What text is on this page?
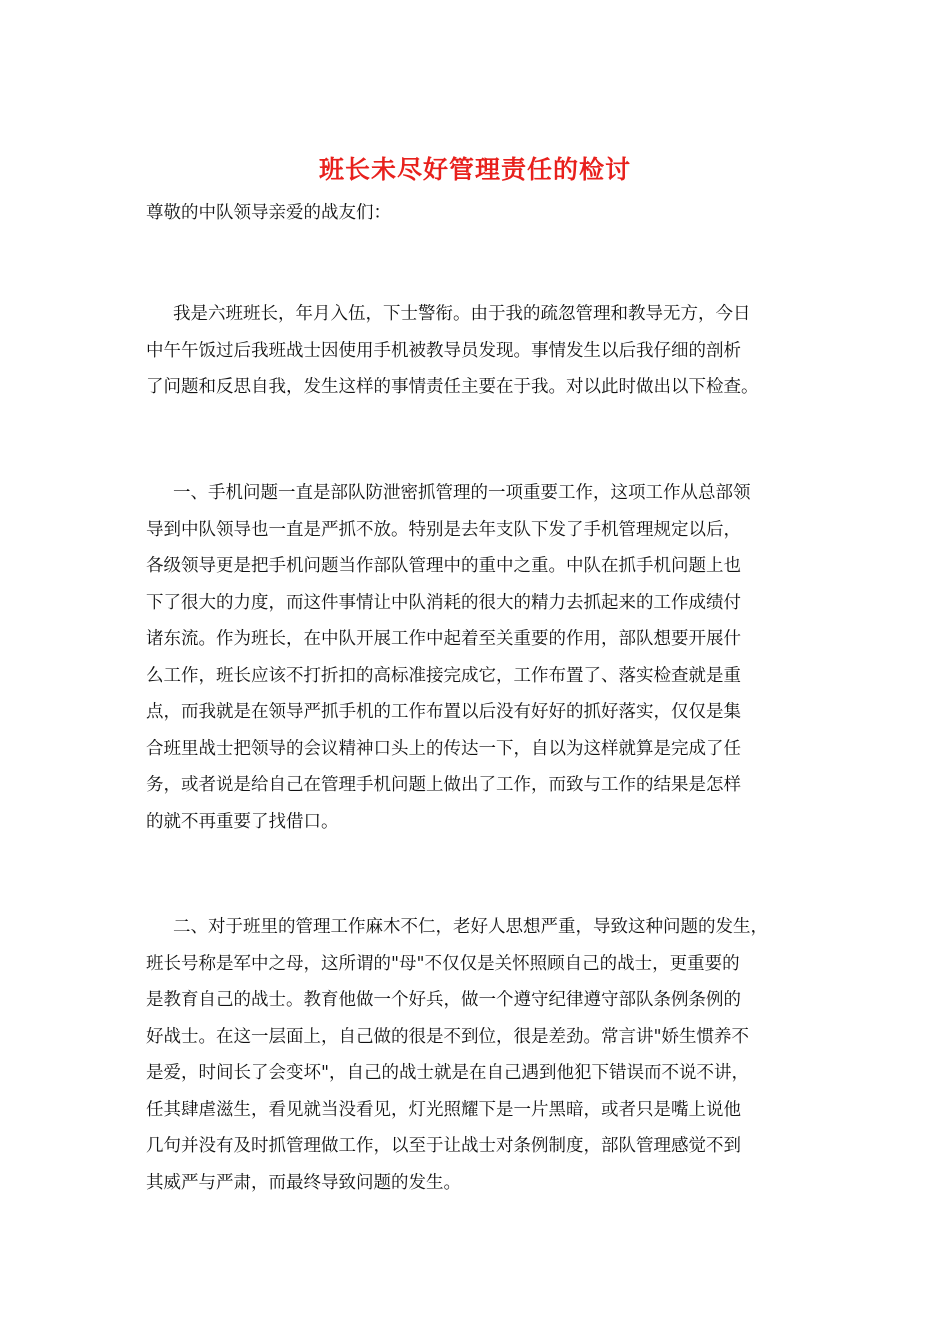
班长未尽好管理责任的检讨

尊敬的中队领导亲爱的战友们：

我是六班班长，年月入伍，下士警衔。由于我的疏忽管理和教导无方，今日
中午午饭过后我班战士因使用手机被教导员发现。事情发生以后我仔细的剖析
了问题和反思自我，发生这样的事情责任主要在于我。对以此时做出以下检查。
一、手机问题一直是部队防泄密抓管理的一项重要工作，这项工作从总部领
导到中队领导也一直是严抓不放。特别是去年支队下发了手机管理规定以后，
各级领导更是把手机问题当作部队管理中的重中之重。中队在抓手机问题上也
下了很大的力度，而这件事情让中队消耗的很大的精力去抓起来的工作成绩付
诸东流。作为班长，在中队开展工作中起着至关重要的作用，部队想要开展什
么工作，班长应该不打折扣的高标准接完成它，工作布置了、落实检查就是重
点，而我就是在领导严抓手机的工作布置以后没有好好的抓好落实，仅仅是集
合班里战士把领导的会议精神口头上的传达一下，自以为这样就算是完成了任
务，或者说是给自己在管理手机问题上做出了工作，而致与工作的结果是怎样
的就不再重要了找借口。
二、对于班里的管理工作麻木不仁，老好人思想严重，导致这种问题的发生，
班长号称是军中之母，这所谓的"母"不仅仅是关怀照顾自己的战士，更重要的
是教育自己的战士。教育他做一个好兵，做一个遵守纪律遵守部队条例条例的
好战士。在这一层面上，自己做的很是不到位，很是差劲。常言讲"娇生惯养不
是爱，时间长了会变坏"，自己的战士就是在自己遇到他犯下错误而不说不讲，
任其肆虐滋生，看见就当没看见，灯光照耀下是一片黑暗，或者只是嘴上说他
几句并没有及时抓管理做工作，以至于让战士对条例制度，部队管理感觉不到
其威严与严肃，而最终导致问题的发生。
